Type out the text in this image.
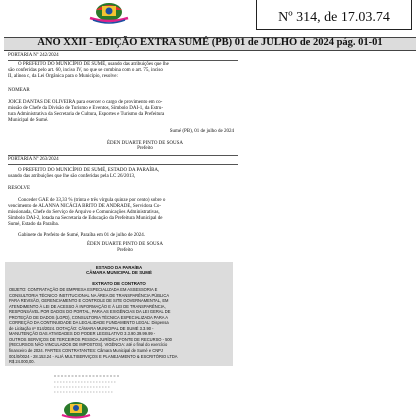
Nº 314, de 17.03.74
ANO XXII - EDIÇÃO EXTRA SUMÉ (PB) 01 de JULHO de 2024 pág. 01-01
PORTARIA Nº 242/2024
O PREFEITO DO MUNICÍPIO DE SUMÉ, usando das atribuições que lhe
são conferidas pelo art. 60, inciso IV, no que se combina com o art. 75, inciso
II, alínea c, da Lei Orgânica para o Município, resolve:
NOMEAR
JOICE DANTAS DE OLIVEIRA para exercer o cargo de provimento em co-
missão de Chefe da Divisão de Turismo e Eventos, Símbolo DAI-1, da Estru-
tura Administrativa da Secretaria de Cultura, Esportes e Turismo da Prefeitura
Municipal de Sumé.
Sumé (PB), 01 de julho de 2024
ÉDEN DUARTE PINTO DE SOUSA
Prefeito
PORTARIA Nº 263/2024
O PREFEITO DO MUNICÍPIO DE SUMÉ, ESTADO DA PARAÍBA,
usando das atribuições que lhe são conferidas pela LC 26/2013,
RESOLVE
Conceder GAE de 33,33 % (trinta e três vírgula quinze por cento) sobre o
vencimento de ALANNA NICÁCIA BRITO DE ANDRADE, Servidora Co-
missionada, Chefe do Serviço de Arquivo e Comunicações Administrativas,
Símbolo DAI-2, lotada na Secretaria de Educação da Prefeitura Municipal de
Sumé, Estado da Paraíba.
Gabinete do Prefeito de Sumé, Paraíba em 01 de julho de 2024.
ÉDEN DUARTE PINTO DE SOUSA
Prefeito
ESTADO DA PARAÍBA
CÂMARA MUNICIPAL DE SUMÉ
EXTRATO DE CONTRATO
OBJETO: CONTRATAÇÃO DE EMPRESA ESPECIALIZADA EM ASSESSORIA E
CONSULTORIA TÉCNICO INSTITUCIONAL NA ÁREA DE TRANSPARÊNCIA PÚBLICA
PARA REVISÃO, GERENCIAMENTO E CONTROLE DE SITE GOVERNAMENTAL, EM
ATENDIMENTO À LEI DE ACESSO À INFORMAÇÃO E À LEI DE TRANSPARÊNCIA,
RESPONSÁVEL POR DADOS DO PORTAL, PARA AS EXIGÊNCIAS DA LEI GERAL DE
PROTEÇÃO DE DADOS (LGPD), CONSULTORIA TÉCNICA ESPECIALIZADA PARA A
CORREÇÃO DA CONTINUIDADE DA LEGALIDADE FUNDAMENTO LEGAL: Dispensa
de Licitação nº 014/2024. DOTAÇÃO: CÂMARA MUNICIPAL DE SUMÉ 3.3.90 -
MANUTENÇÃO DAS ATIVIDADES DO PODER LEGISLATIVO 3.3.90.39.99.99 -
OUTROS SERVIÇOS DE TERCEIROS PESSOA JURÍDICA FONTE DE RECURSO - 500
(RECURSOS NÃO VINCULADOS DE IMPOSTOS). VIGÊNCIA: até o final do exercício
financeiro de 2024. PARTES CONTRATANTES: Câmara Municipal de Sumé e CNPJ
001/0/0024 - 28.153.24 - ALIÁ MULTISERVIÇOS E PLANEJAMENTO & ESCRITÓRIO LTDA
R$ 24.000,00.
